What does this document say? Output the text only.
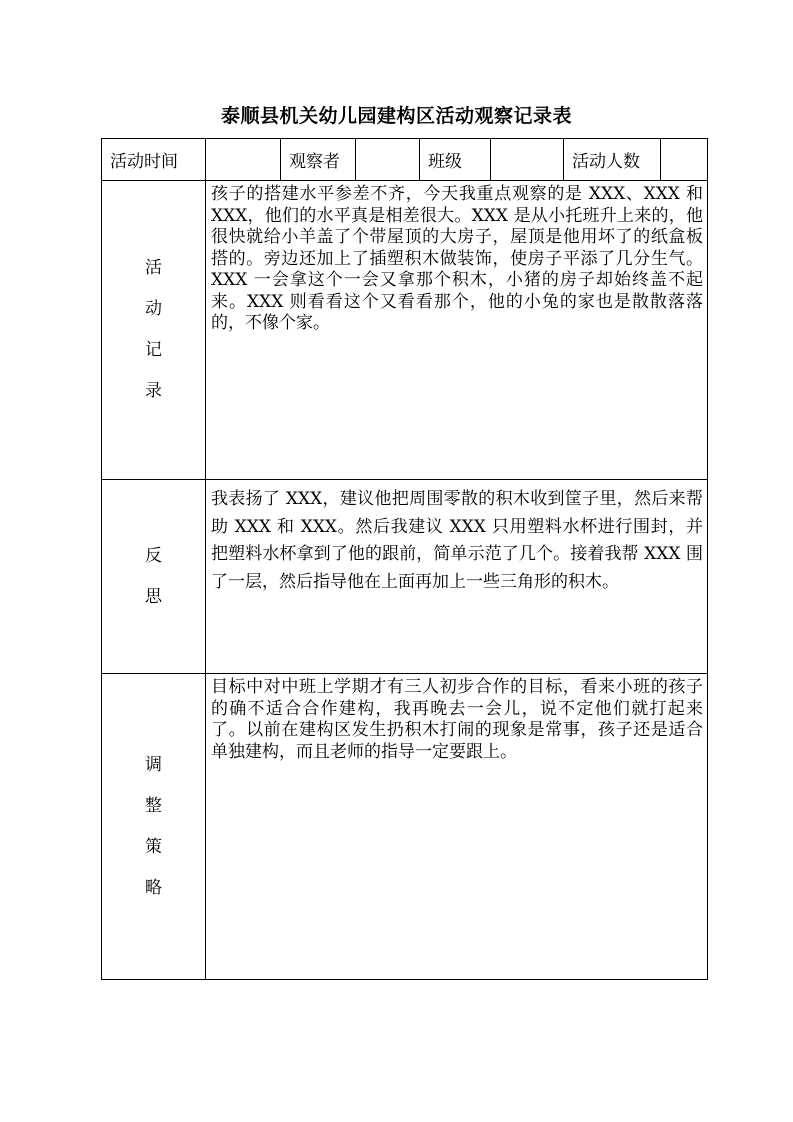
泰顺县机关幼儿园建构区活动观察记录表
活动时间		观察者		班级		活动人数	

活
动
记
录	孩子的搭建水平参差不齐，今天我重点观察的是 XXX、XXX 和 XXX，他们的水平真是相差很大。XXX 是从小托班升上来的，他很快就给小羊盖了个带屋顶的大房子，屋顶是他用坏了的纸盒板搭的。旁边还加上了插塑积木做装饰，使房子平添了几分生气。XXX 一会拿这个一会又拿那个积木，小猪的房子却始终盖不起来。XXX 则看看这个又看看那个，他的小兔的家也是散散落落的，不像个家。						

反
思	我表扬了 XXX，建议他把周围零散的积木收到筐子里，然后来帮助 XXX 和 XXX。然后我建议 XXX 只用塑料水杯进行围封，并把塑料水杯拿到了他的跟前，简单示范了几个。接着我帮 XXX 围了一层，然后指导他在上面再加上一些三角形的积木。						

调
整
策
略	目标中对中班上学期才有三人初步合作的目标，看来小班的孩子的确不适合合作建构，我再晚去一会儿，说不定他们就打起来了。以前在建构区发生扔积木打闹的现象是常事，孩子还是适合单独建构，而且老师的指导一定要跟上。						
